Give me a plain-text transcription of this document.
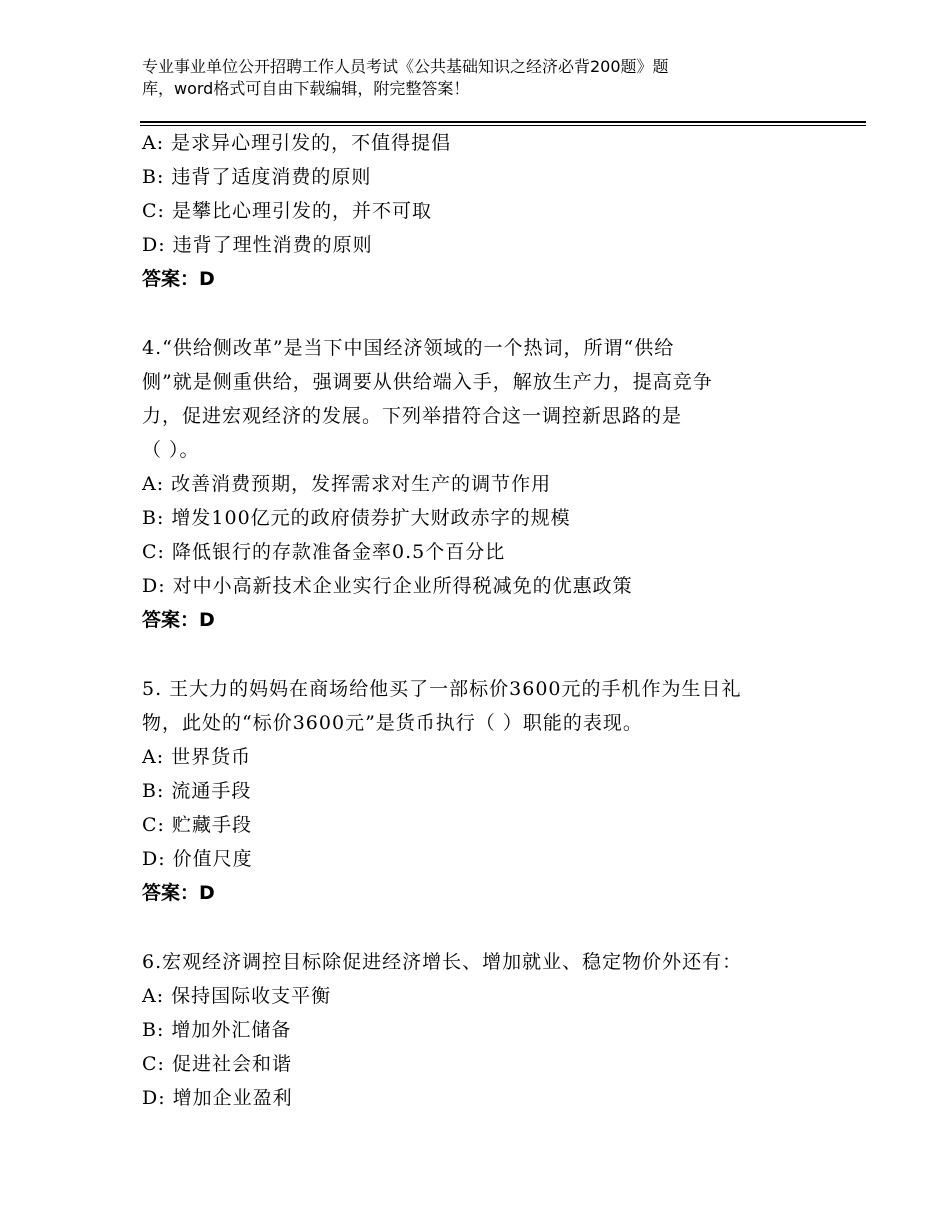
专业事业单位公开招聘工作人员考试《公共基础知识之经济必背200题》题
库，word格式可自由下载编辑，附完整答案！
A: 是求异心理引发的，不值得提倡
B: 违背了适度消费的原则
C: 是攀比心理引发的，并不可取
D: 违背了理性消费的原则
答案：D
4.“供给侧改革”是当下中国经济领域的一个热词，所谓“供给
侧”就是侧重供给，强调要从供给端入手，解放生产力，提高竞争
力，促进宏观经济的发展。下列举措符合这一调控新思路的是
（ ）。
A: 改善消费预期，发挥需求对生产的调节作用
B: 增发100亿元的政府债券扩大财政赤字的规模
C: 降低银行的存款准备金率0.5个百分比
D: 对中小高新技术企业实行企业所得税减免的优惠政策
答案：D
5. 王大力的妈妈在商场给他买了一部标价3600元的手机作为生日礼
物，此处的“标价3600元”是货币执行（ ）职能的表现。
A: 世界货币
B: 流通手段
C: 贮藏手段
D: 价值尺度
答案：D
6.宏观经济调控目标除促进经济增长、增加就业、稳定物价外还有：
A: 保持国际收支平衡
B: 增加外汇储备
C: 促进社会和谐
D: 增加企业盈利
